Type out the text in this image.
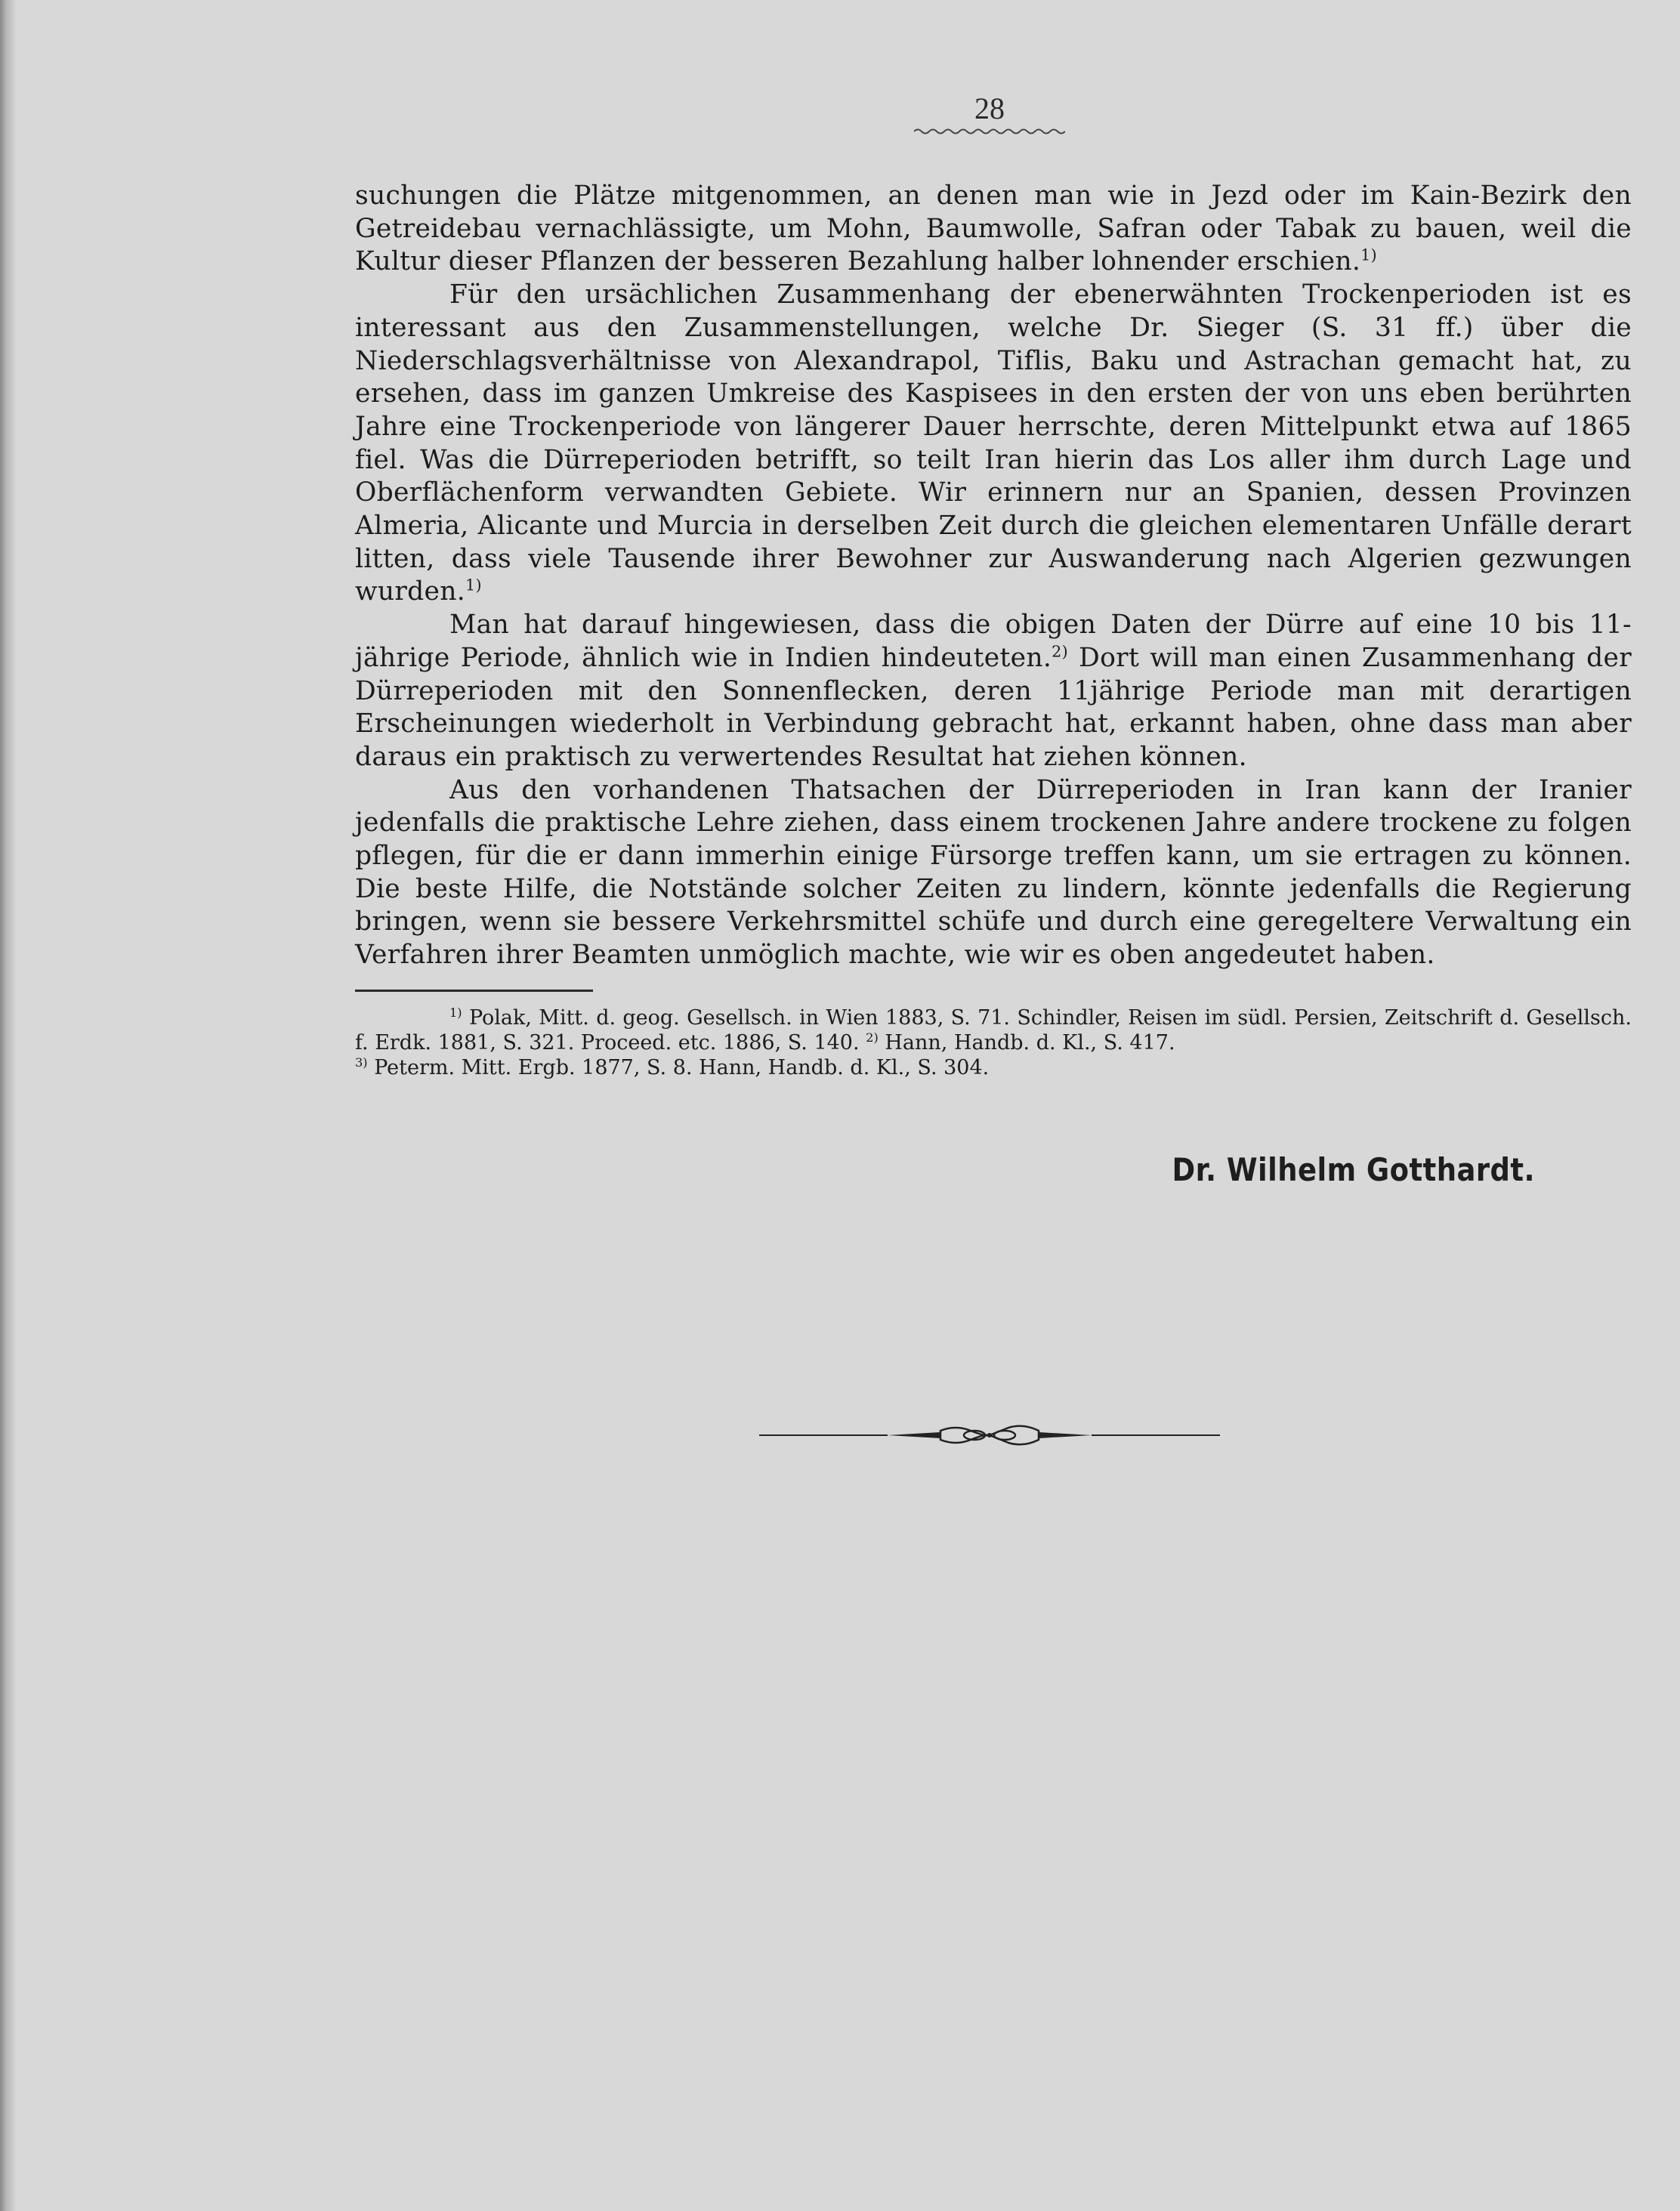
28

suchungen die Plätze mitgenommen, an denen man wie in Jezd oder im Kain-Bezirk den Getreidebau vernachlässigte, um Mohn, Baumwolle, Safran oder Tabak zu bauen, weil die Kultur dieser Pflanzen der besseren Bezahlung halber lohnender erschien.$^{1)}$

Für den ursächlichen Zusammenhang der ebenerwähnten Trockenperioden ist es interessant aus den Zusammenstellungen, welche Dr. Sieger (S. 31 ff.) über die Niederschlagsverhältnisse von Alexandrapol, Tiflis, Baku und Astrachan gemacht hat, zu ersehen, dass im ganzen Umkreise des Kaspisees in den ersten der von uns eben berührten Jahre eine Trockenperiode von längerer Dauer herrschte, deren Mittelpunkt etwa auf 1865 fiel. Was die Dürreperioden betrifft, so teilt Iran hierin das Los aller ihm durch Lage und Oberflächenform verwandten Gebiete. Wir erinnern nur an Spanien, dessen Provinzen Almeria, Alicante und Murcia in derselben Zeit durch die gleichen elementaren Unfälle derart litten, dass viele Tausende ihrer Bewohner zur Auswanderung nach Algerien gezwungen wurden.$^{1)}$

Man hat darauf hingewiesen, dass die obigen Daten der Dürre auf eine 10 bis 11-jährige Periode, ähnlich wie in Indien hindeuteten.$^{2)}$ Dort will man einen Zusammenhang der Dürreperioden mit den Sonnenflecken, deren 11jährige Periode man mit derartigen Erscheinungen wiederholt in Verbindung gebracht hat, erkannt haben, ohne dass man aber daraus ein praktisch zu verwertendes Resultat hat ziehen können.

Aus den vorhandenen Thatsachen der Dürreperioden in Iran kann der Iranier jedenfalls die praktische Lehre ziehen, dass einem trockenen Jahre andere trockene zu folgen pflegen, für die er dann immerhin einige Fürsorge treffen kann, um sie ertragen zu können. Die beste Hilfe, die Notstände solcher Zeiten zu lindern, könnte jedenfalls die Regierung bringen, wenn sie bessere Verkehrsmittel schüfe und durch eine geregeltere Verwaltung ein Verfahren ihrer Beamten unmöglich machte, wie wir es oben angedeutet haben.

$^{1)}$ Polak, Mitt. d. geog. Gesellsch. in Wien 1883, S. 71. Schindler, Reisen im südl. Persien, Zeitschrift d. Gesellsch. f. Erdk. 1881, S. 321. Proceed. etc. 1886, S. 140. $^{2)}$ Hann, Handb. d. Kl., S. 417.

$^{3)}$ Peterm. Mitt. Ergb. 1877, S. 8. Hann, Handb. d. Kl., S. 304.

Dr. Wilhelm Gotthardt.
